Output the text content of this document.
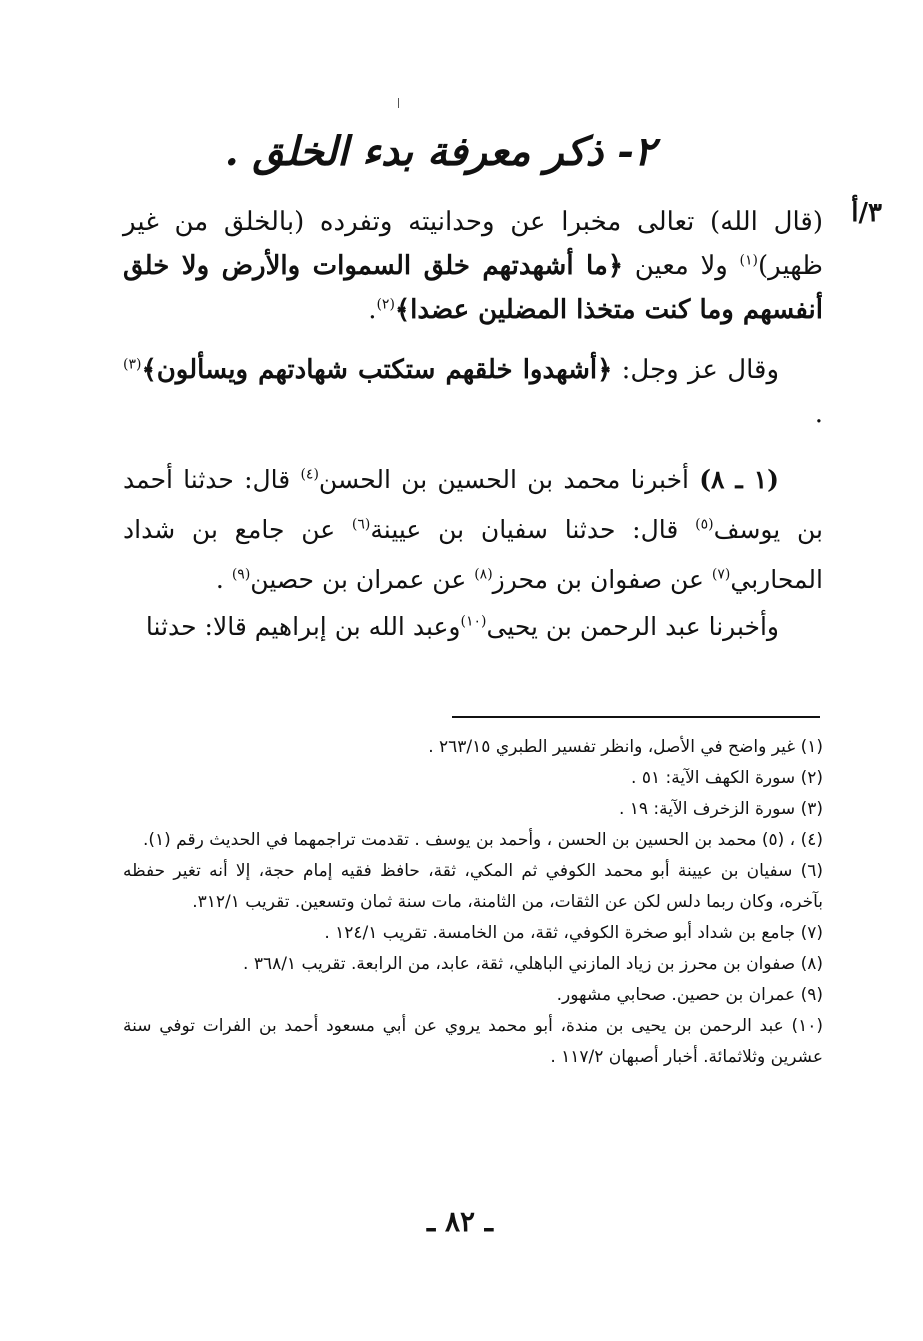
٢- ذكر معرفة بدء الخلق .
٣/أ
(قال الله) تعالى مخبرا عن وحدانيته وتفرده (بالخلق من غير ظهير)$^{(١)}$ ولا معين ﴿ما أشهدتهم خلق السموات والأرض ولا خلق أنفسهم وما كنت متخذا المضلين عضدا﴾$^{(٢)}$.
وقال عز وجل: ﴿أشهدوا خلقهم ستكتب شهادتهم ويسألون﴾$^{(٣)}$ .
(١ ـ ٨) أخبرنا محمد بن الحسين بن الحسن$^{(٤)}$ قال: حدثنا أحمد بن يوسف$^{(٥)}$ قال: حدثنا سفيان بن عيينة$^{(٦)}$ عن جامع بن شداد المحاربي$^{(٧)}$ عن صفوان بن محرز$^{(٨)}$ عن عمران بن حصين$^{(٩)}$ .
وأخبرنا عبد الرحمن بن يحيى$^{(١٠)}$وعبد الله بن إبراهيم قالا: حدثنا

(١) غير واضح في الأصل، وانظر تفسير الطبري ٢٦٣/١٥ .

(٢) سورة الكهف الآية: ٥١ .

(٣) سورة الزخرف الآية: ١٩ .

(٤) ، (٥) محمد بن الحسين بن الحسن ، وأحمد بن يوسف . تقدمت تراجمهما في الحديث رقم (١).

(٦) سفيان بن عيينة أبو محمد الكوفي ثم المكي، ثقة، حافظ فقيه إمام حجة، إلا أنه تغير حفظه بآخره، وكان ربما دلس لكن عن الثقات، من الثامنة، مات سنة ثمان وتسعين. تقريب ٣١٢/١.

(٧) جامع بن شداد أبو صخرة الكوفي، ثقة، من الخامسة. تقريب ١٢٤/١ .

(٨) صفوان بن محرز بن زياد المازني الباهلي، ثقة، عابد، من الرابعة. تقريب ٣٦٨/١ .

(٩) عمران بن حصين. صحابي مشهور.

(١٠) عبد الرحمن بن يحيى بن مندة، أبو محمد يروي عن أبي مسعود أحمد بن الفرات توفي سنة عشرين وثلاثمائة. أخبار أصبهان ١١٧/٢ .

ـ ٨٢ ـ
